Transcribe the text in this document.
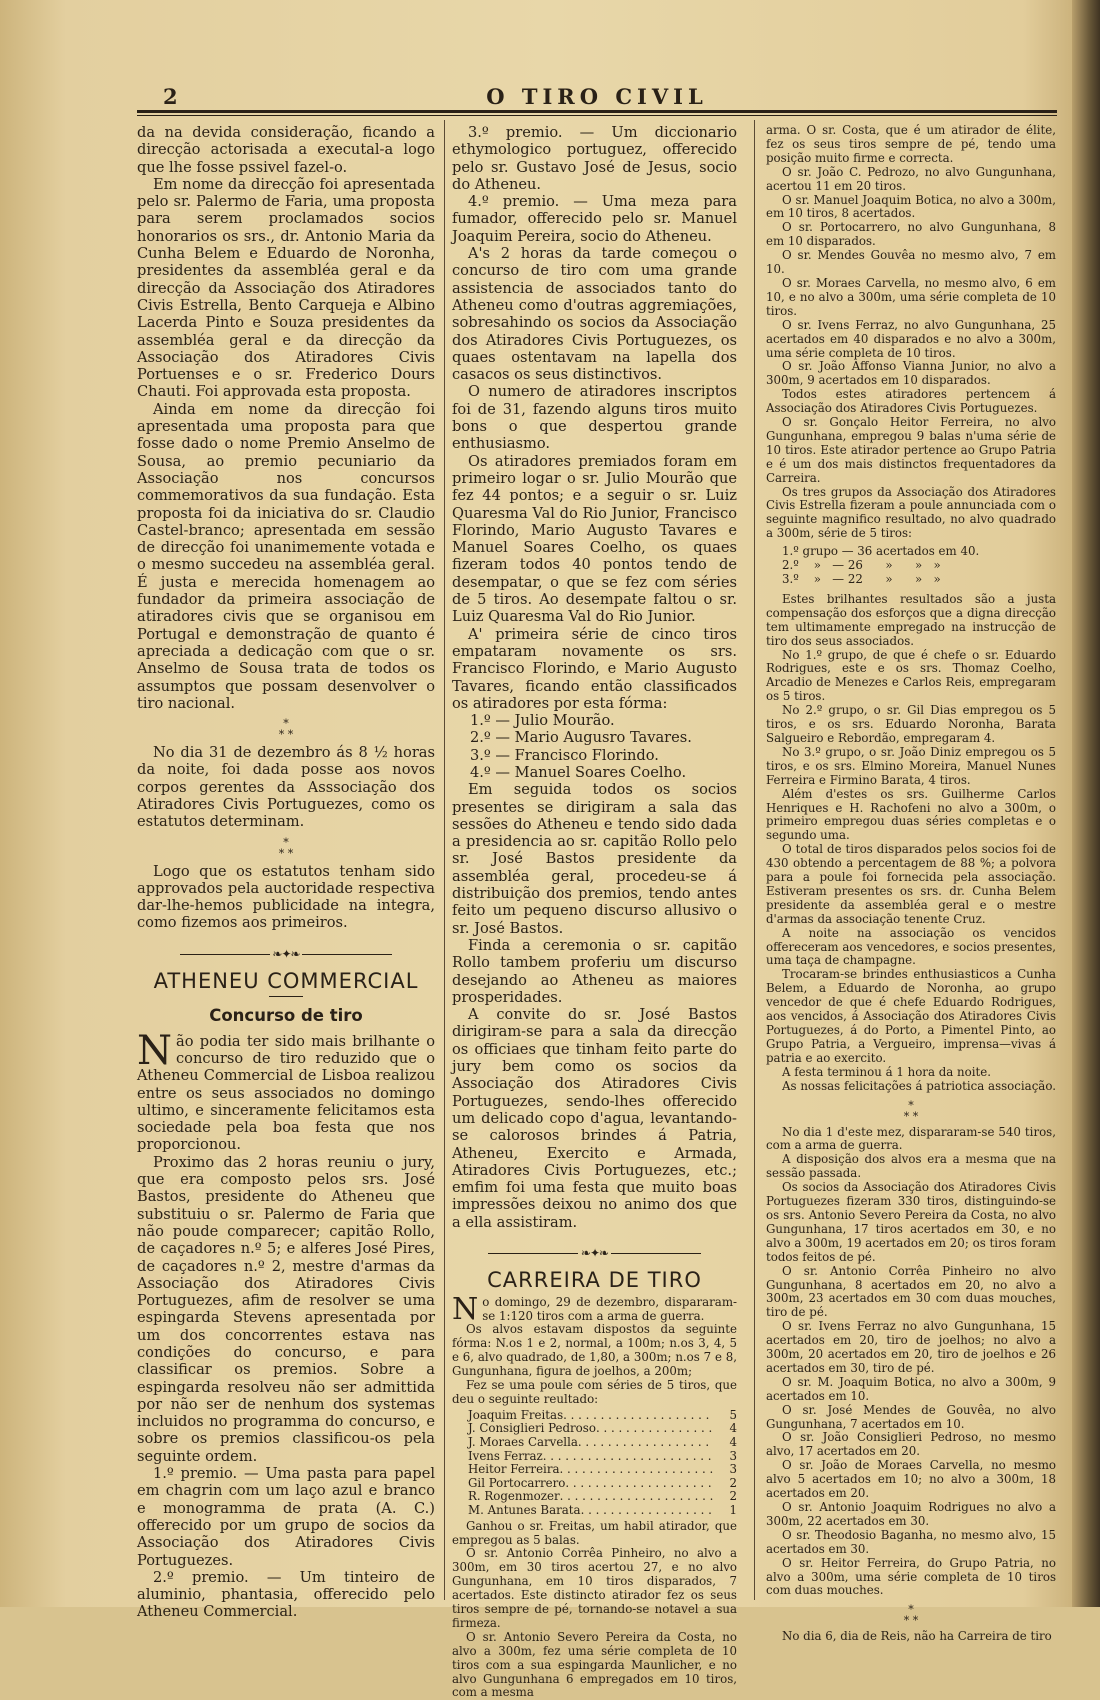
2	O TIRO CIVIL

da na devida consideração, ficando a direcção actorisada a executal-a logo que lhe fosse pssivel fazel-o.

Em nome da direcção foi apresentada pelo sr. Palermo de Faria, uma proposta para serem proclamados socios honorarios os srs., dr. Antonio Maria da Cunha Belem e Eduardo de Noronha, presidentes da assembléa geral e da direcção da Associação dos Atiradores Civis Estrella, Bento Carqueja e Albino Lacerda Pinto e Souza presidentes da assembléa geral e da direcção da Associação dos Atiradores Civis Portuenses e o sr. Frederico Dours Chauti. Foi approvada esta proposta.

Ainda em nome da direcção foi apresentada uma proposta para que fosse dado o nome Premio Anselmo de Sousa, ao premio pecuniario da Associação nos concursos commemorativos da sua fundação. Esta proposta foi da iniciativa do sr. Claudio Castel-branco; apresentada em sessão de direcção foi unanimemente votada e o mesmo succedeu na assembléa geral. É justa e merecida homenagem ao fundador da primeira associação de atiradores civis que se organisou em Portugal e demonstração de quanto é apreciada a dedicação com que o sr. Anselmo de Sousa trata de todos os assumptos que possam desenvolver o tiro nacional.

*
* *

No dia 31 de dezembro ás 8 ½ horas da noite, foi dada posse aos novos corpos gerentes da Asssociação dos Atiradores Civis Portuguezes, como os estatutos determinam.

*
* *

Logo que os estatutos tenham sido approvados pela auctoridade respectiva dar-lhe-hemos publicidade na integra, como fizemos aos primeiros.

❧✦❧
ATHENEU COMMERCIAL
Concurso de tiro

Não podia ter sido mais brilhante o concurso de tiro reduzido que o Atheneu Commercial de Lisboa realizou entre os seus associados no domingo ultimo, e sinceramente felicitamos esta sociedade pela boa festa que nos proporcionou.

Proximo das 2 horas reuniu o jury, que era composto pelos srs. José Bastos, presidente do Atheneu que substituiu o sr. Palermo de Faria que não poude comparecer; capitão Rollo, de caçadores n.º 5; e alferes José Pires, de caçadores n.º 2, mestre d'armas da Associação dos Atiradores Civis Portuguezes, afim de resolver se uma espingarda Stevens apresentada por um dos concorrentes estava nas condições do concurso, e para classificar os premios. Sobre a espingarda resolveu não ser admittida por não ser de nenhum dos systemas incluidos no programma do concurso, e sobre os premios classificou-os pela seguinte ordem.

1.º premio. — Uma pasta para papel em chagrin com um laço azul e branco e monogramma de prata (A. C.) offerecido por um grupo de socios da Associação dos Atiradores Civis Portuguezes.

2.º premio. — Um tinteiro de aluminio, phantasia, offerecido pelo Atheneu Commercial.

3.º premio. — Um diccionario ethymologico portuguez, offerecido pelo sr. Gustavo José de Jesus, socio do Atheneu.

4.º premio. — Uma meza para fumador, offerecido pelo sr. Manuel Joaquim Pereira, socio do Atheneu.

A's 2 horas da tarde começou o concurso de tiro com uma grande assistencia de associados tanto do Atheneu como d'outras aggremiações, sobresahindo os socios da Associação dos Atiradores Civis Portuguezes, os quaes ostentavam na lapella dos casacos os seus distinctivos.

O numero de atiradores inscriptos foi de 31, fazendo alguns tiros muito bons o que despertou grande enthusiasmo.

Os atiradores premiados foram em primeiro logar o sr. Julio Mourão que fez 44 pontos; e a seguir o sr. Luiz Quaresma Val do Rio Junior, Francisco Florindo, Mario Augusto Tavares e Manuel Soares Coelho, os quaes fizeram todos 40 pontos tendo de desempatar, o que se fez com séries de 5 tiros. Ao desempate faltou o sr. Luiz Quaresma Val do Rio Junior.

A' primeira série de cinco tiros empataram novamente os srs. Francisco Florindo, e Mario Augusto Tavares, ficando então classificados os atiradores por esta fórma:

1.º — Julio Mourão.
2.º — Mario Augusro Tavares.
3.º — Francisco Florindo.
4.º — Manuel Soares Coelho.

Em seguida todos os socios presentes se dirigiram a sala das sessões do Atheneu e tendo sido dada a presidencia ao sr. capitão Rollo pelo sr. José Bastos presidente da assembléa geral, procedeu-se á distribuição dos premios, tendo antes feito um pequeno discurso allusivo o sr. José Bastos.

Finda a ceremonia o sr. capitão Rollo tambem proferiu um discurso desejando ao Atheneu as maiores prosperidades.

A convite do sr. José Bastos dirigiram-se para a sala da direcção os officiaes que tinham feito parte do jury bem como os socios da Associação dos Atiradores Civis Portuguezes, sendo-lhes offerecido um delicado copo d'agua, levantando-se calorosos brindes á Patria, Atheneu, Exercito e Armada, Atiradores Civis Portuguezes, etc.; emfim foi uma festa que muito boas impressões deixou no animo dos que a ella assistiram.

❧✦❧
CARREIRA DE TIRO

No domingo, 29 de dezembro, dispararam-se 1:120 tiros com a arma de guerra.

Os alvos estavam dispostos da seguinte fórma: N.os 1 e 2, normal, a 100m; n.os 3, 4, 5 e 6, alvo quadrado, de 1,80, a 300m; n.os 7 e 8, Gungunhana, figura de joelhos, a 200m;

Fez se uma poule com séries de 5 tiros, que deu o seguinte reultado:

Joaquim Freitas . . .	5
J. Consiglieri Pedroso . . .	4
J. Moraes Carvella . . .	4
Ivens Ferraz . . .	3
Heitor Ferreira . . .	3
Gil Portocarrero . . .	2
R. Rogenmozer . . .	2
M. Antunes Barata . . .	1

Ganhou o sr. Freitas, um habil atirador, que empregou as 5 balas.

O sr. Antonio Corrêa Pinheiro, no alvo a 300m, em 30 tiros acertou 27, e no alvo Gungunhana, em 10 tiros disparados, 7 acertados. Este distincto atirador fez os seus tiros sempre de pé, tornando-se notavel a sua firmeza.

O sr. Antonio Severo Pereira da Costa, no alvo a 300m, fez uma série completa de 10 tiros com a sua espingarda Maunlicher, e no alvo Gungunhana 6 empregados em 10 tiros, com a mesma

arma. O sr. Costa, que é um atirador de élite, fez os seus tiros sempre de pé, tendo uma posição muito firme e correcta.

O sr. João C. Pedrozo, no alvo Gungunhana, acertou 11 em 20 tiros.

O sr. Manuel Joaquim Botica, no alvo a 300m, em 10 tiros, 8 acertados.

O sr. Portocarrero, no alvo Gungunhana, 8 em 10 disparados.

O sr. Mendes Gouvêa no mesmo alvo, 7 em 10.

O sr. Moraes Carvella, no mesmo alvo, 6 em 10, e no alvo a 300m, uma série completa de 10 tiros.

O sr. Ivens Ferraz, no alvo Gungunhana, 25 acertados em 40 disparados e no alvo a 300m, uma série completa de 10 tiros.

O sr. João Affonso Vianna Junior, no alvo a 300m, 9 acertados em 10 disparados.

Todos estes atiradores pertencem á Associação dos Atiradores Civis Portuguezes.

O sr. Gonçalo Heitor Ferreira, no alvo Gungunhana, empregou 9 balas n'uma série de 10 tiros. Este atirador pertence ao Grupo Patria e é um dos mais distinctos frequentadores da Carreira.

Os tres grupos da Associação dos Atiradores Civis Estrella fizeram a poule annunciada com o seguinte magnifico resultado, no alvo quadrado a 300m, série de 5 tiros:

1.º grupo — 36 acertados em 40.
2.º    »   — 26      »      »   »
3.º    »   — 22      »      »   »

Estes brilhantes resultados são a justa compensação dos esforços que a digna direcção tem ultimamente empregado na instrucção de tiro dos seus associados.

No 1.º grupo, de que é chefe o sr. Eduardo Rodrigues, este e os srs. Thomaz Coelho, Arcadio de Menezes e Carlos Reis, empregaram os 5 tiros.

No 2.º grupo, o sr. Gil Dias empregou os 5 tiros, e os srs. Eduardo Noronha, Barata Salgueiro e Rebordão, empregaram 4.

No 3.º grupo, o sr. João Diniz empregou os 5 tiros, e os srs. Elmino Moreira, Manuel Nunes Ferreira e Firmino Barata, 4 tiros.

Além d'estes os srs. Guilherme Carlos Henriques e H. Rachofeni no alvo a 300m, o primeiro empregou duas séries completas e o segundo uma.

O total de tiros disparados pelos socios foi de 430 obtendo a percentagem de 88 %; a polvora para a poule foi fornecida pela associação. Estiveram presentes os srs. dr. Cunha Belem presidente da assembléa geral e o mestre d'armas da associação tenente Cruz.

A noite na associação os vencidos offereceram aos vencedores, e socios presentes, uma taça de champagne.

Trocaram-se brindes enthusiasticos a Cunha Belem, a Eduardo de Noronha, ao grupo vencedor de que é chefe Eduardo Rodrigues, aos vencidos, á Associação dos Atiradores Civis Portuguezes, á do Porto, a Pimentel Pinto, ao Grupo Patria, a Vergueiro, imprensa—vivas á patria e ao exercito.

A festa terminou á 1 hora da noite.

As nossas felicitações á patriotica associação.

*
* *

No dia 1 d'este mez, dispararam-se 540 tiros, com a arma de guerra.

A disposição dos alvos era a mesma que na sessão passada.

Os socios da Associação dos Atiradores Civis Portuguezes fizeram 330 tiros, distinguindo-se os srs. Antonio Severo Pereira da Costa, no alvo Gungunhana, 17 tiros acertados em 30, e no alvo a 300m, 19 acertados em 20; os tiros foram todos feitos de pé.

O sr. Antonio Corrêa Pinheiro no alvo Gungunhana, 8 acertados em 20, no alvo a 300m, 23 acertados em 30 com duas mouches, tiro de pé.

O sr. Ivens Ferraz no alvo Gungunhana, 15 acertados em 20, tiro de joelhos; no alvo a 300m, 20 acertados em 20, tiro de joelhos e 26 acertados em 30, tiro de pé.

O sr. M. Joaquim Botica, no alvo a 300m, 9 acertados em 10.

O sr. José Mendes de Gouvêa, no alvo Gungunhana, 7 acertados em 10.

O sr. João Consiglieri Pedroso, no mesmo alvo, 17 acertados em 20.

O sr. João de Moraes Carvella, no mesmo alvo 5 acertados em 10; no alvo a 300m, 18 acertados em 20.

O sr. Antonio Joaquim Rodrigues no alvo a 300m, 22 acertados em 30.

O sr. Theodosio Baganha, no mesmo alvo, 15 acertados em 30.

O sr. Heitor Ferreira, do Grupo Patria, no alvo a 300m, uma série completa de 10 tiros com duas mouches.

*
* *

No dia 6, dia de Reis, não ha Carreira de tiro
